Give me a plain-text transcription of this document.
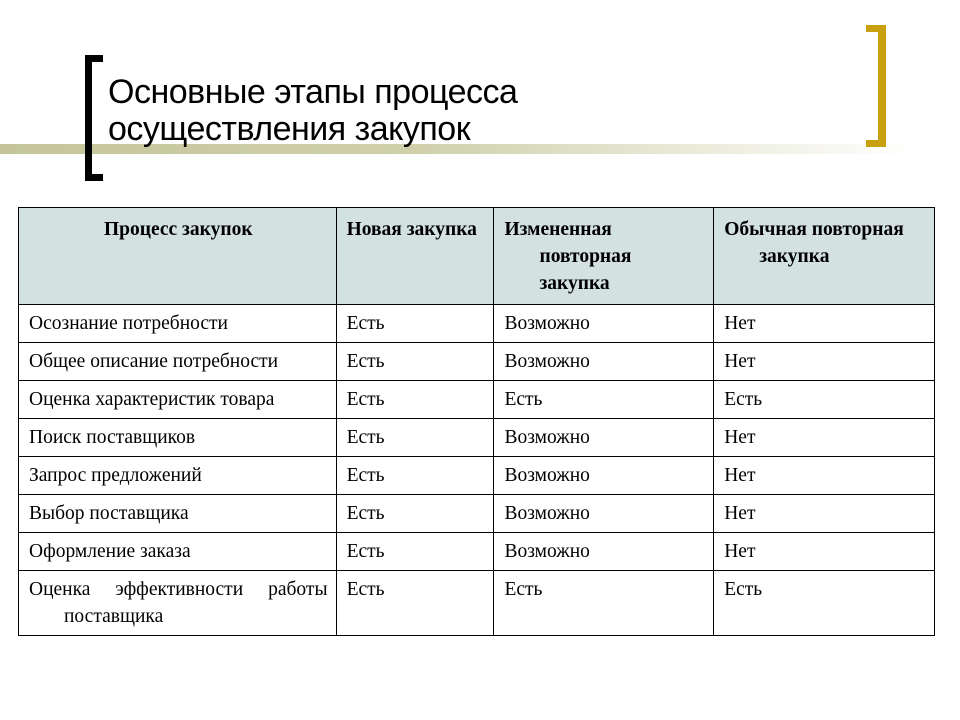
Основные этапы процесса
осуществления закупок
Процесс закупок	Новая закупка	Измененная повторная закупка	Обычная повторная закупка
Осознание потребности	Есть	Возможно	Нет
Общее описание потребности	Есть	Возможно	Нет
Оценка характеристик товара	Есть	Есть	Есть
Поиск поставщиков	Есть	Возможно	Нет
Запрос предложений	Есть	Возможно	Нет
Выбор поставщика	Есть	Возможно	Нет
Оформление заказа	Есть	Возможно	Нет
Оценка эффективности работы поставщика	Есть	Есть	Есть
